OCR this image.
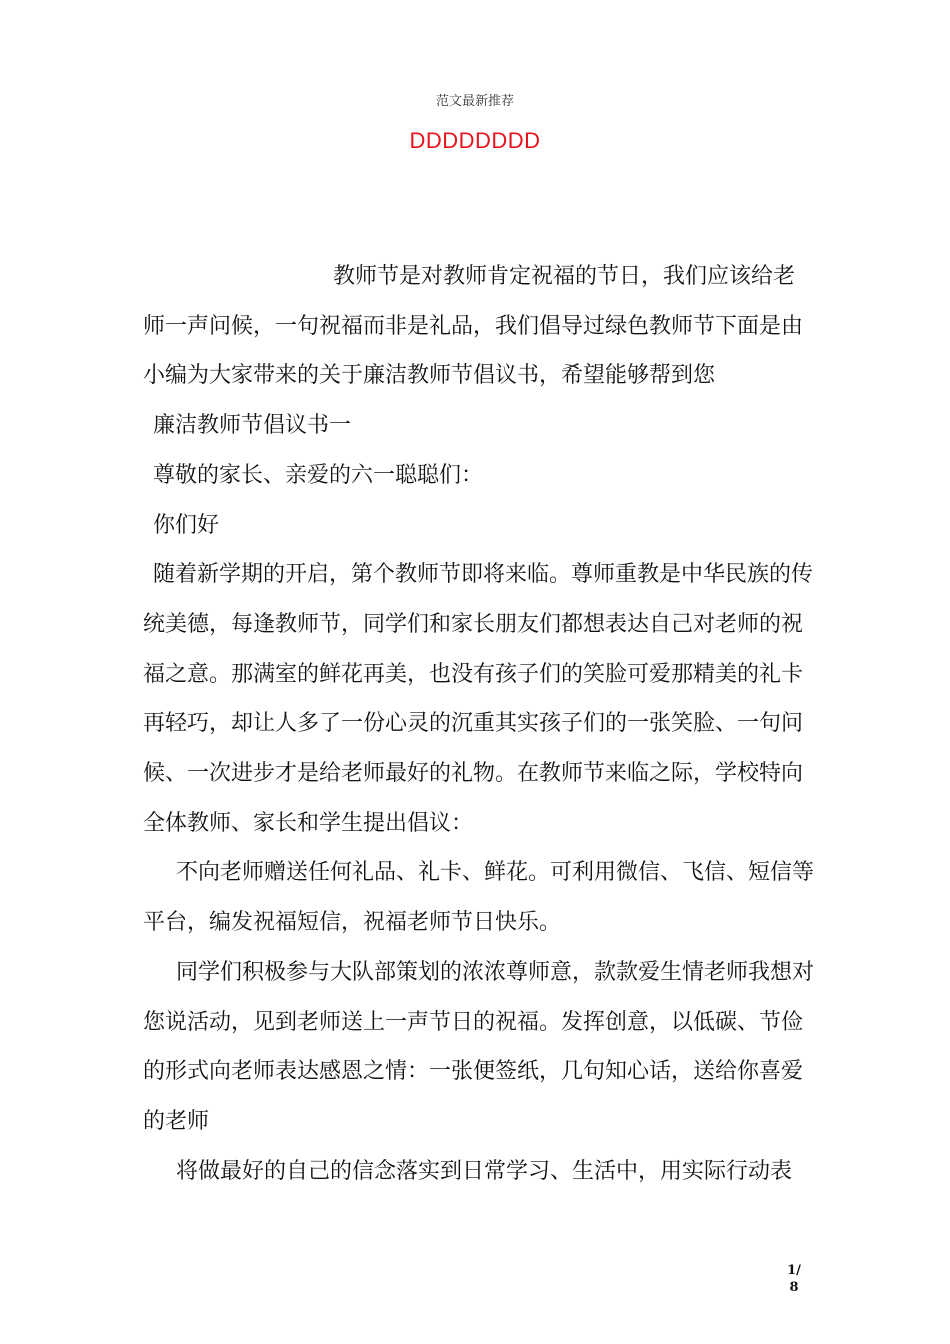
范文最新推荐
DDDDDDDD

教师节是对教师肯定祝福的节日，我们应该给老师一声问候，一句祝福而非是礼品，我们倡导过绿色教师节下面是由小编为大家带来的关于廉洁教师节倡议书，希望能够帮到您

廉洁教师节倡议书一

尊敬的家长、亲爱的六一聪聪们：

你们好

随着新学期的开启，第个教师节即将来临。尊师重教是中华民族的传统美德，每逢教师节，同学们和家长朋友们都想表达自己对老师的祝福之意。那满室的鲜花再美，也没有孩子们的笑脸可爱那精美的礼卡再轻巧，却让人多了一份心灵的沉重其实孩子们的一张笑脸、一句问候、一次进步才是给老师最好的礼物。在教师节来临之际，学校特向全体教师、家长和学生提出倡议：

不向老师赠送任何礼品、礼卡、鲜花。可利用微信、飞信、短信等平台，编发祝福短信，祝福老师节日快乐。

同学们积极参与大队部策划的浓浓尊师意，款款爱生情老师我想对您说活动，见到老师送上一声节日的祝福。发挥创意，以低碳、节俭的形式向老师表达感恩之情：一张便签纸，几句知心话，送给你喜爱的老师

将做最好的自己的信念落实到日常学习、生活中，用实际行动表

1/
8
